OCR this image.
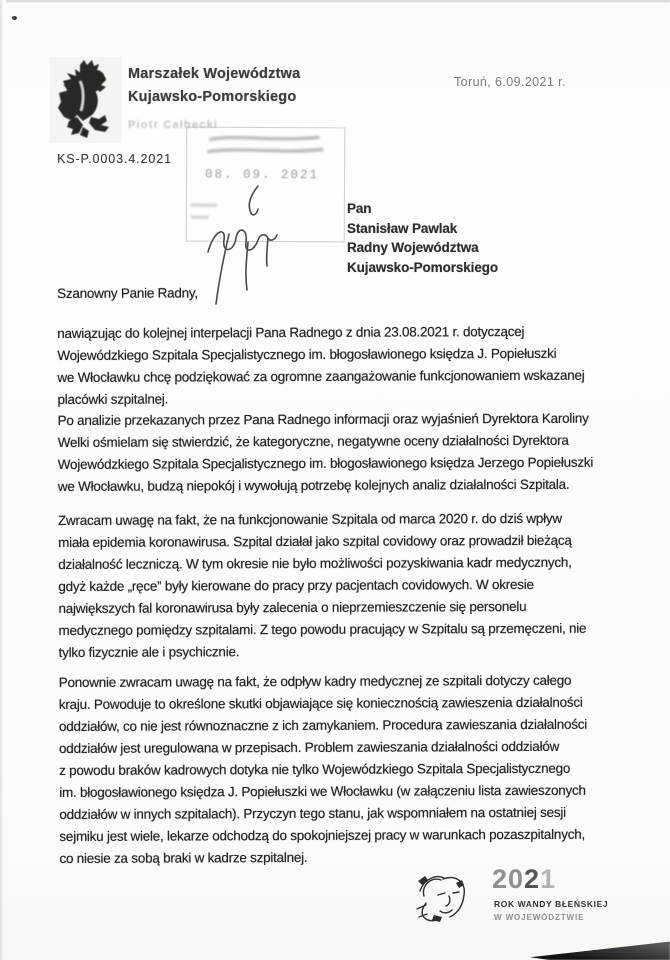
Marszałek Województwa
Kujawsko-Pomorskiego
Piotr Całbecki
Toruń, 6.09.2021 r.
KS-P.0003.4.2021
08. 09. 2021
Pan
Stanisław Pawlak
Radny Województwa
Kujawsko-Pomorskiego
Szanowny Panie Radny,
nawiązując do kolejnej interpelacji Pana Radnego z dnia 23.08.2021 r. dotyczącej
Wojewódzkiego Szpitala Specjalistycznego im. błogosławionego księdza J. Popiełuszki
we Włocławku chcę podziękować za ogromne zaangażowanie funkcjonowaniem wskazanej
placówki szpitalnej.
Po analizie przekazanych przez Pana Radnego informacji oraz wyjaśnień Dyrektora Karoliny
Welki ośmielam się stwierdzić, że kategoryczne, negatywne oceny działalności Dyrektora
Wojewódzkiego Szpitala Specjalistycznego im. błogosławionego księdza Jerzego Popiełuszki
we Włocławku, budzą niepokój i wywołują potrzebę kolejnych analiz działalności Szpitala.
Zwracam uwagę na fakt, że na funkcjonowanie Szpitala od marca 2020 r. do dziś wpływ
miała epidemia koronawirusa. Szpital działał jako szpital covidowy oraz prowadził bieżącą
działalność leczniczą. W tym okresie nie było możliwości pozyskiwania kadr medycznych,
gdyż każde „ręce” były kierowane do pracy przy pacjentach covidowych. W okresie
największych fal koronawirusa były zalecenia o nieprzemieszczenie się personelu
medycznego pomiędzy szpitalami. Z tego powodu pracujący w Szpitalu są przemęczeni, nie
tylko fizycznie ale i psychicznie.
Ponownie zwracam uwagę na fakt, że odpływ kadry medycznej ze szpitali dotyczy całego
kraju. Powoduje to określone skutki objawiające się koniecznością zawieszenia działalności
oddziałów, co nie jest równoznaczne z ich zamykaniem. Procedura zawieszania działalności
oddziałów jest uregulowana w przepisach. Problem zawieszania działalności oddziałów
z powodu braków kadrowych dotyka nie tylko Wojewódzkiego Szpitala Specjalistycznego
im. błogosławionego księdza J. Popiełuszki we Włocławku (w załączeniu lista zawieszonych
oddziałów w innych szpitalach). Przyczyn tego stanu, jak wspomniałem na ostatniej sesji
sejmiku jest wiele, lekarze odchodzą do spokojniejszej pracy w warunkach pozaszpitalnych,
co niesie za sobą braki w kadrze szpitalnej.
2021
ROK WANDY BŁEŃSKIEJ
W WOJEWÓDZTWIE
